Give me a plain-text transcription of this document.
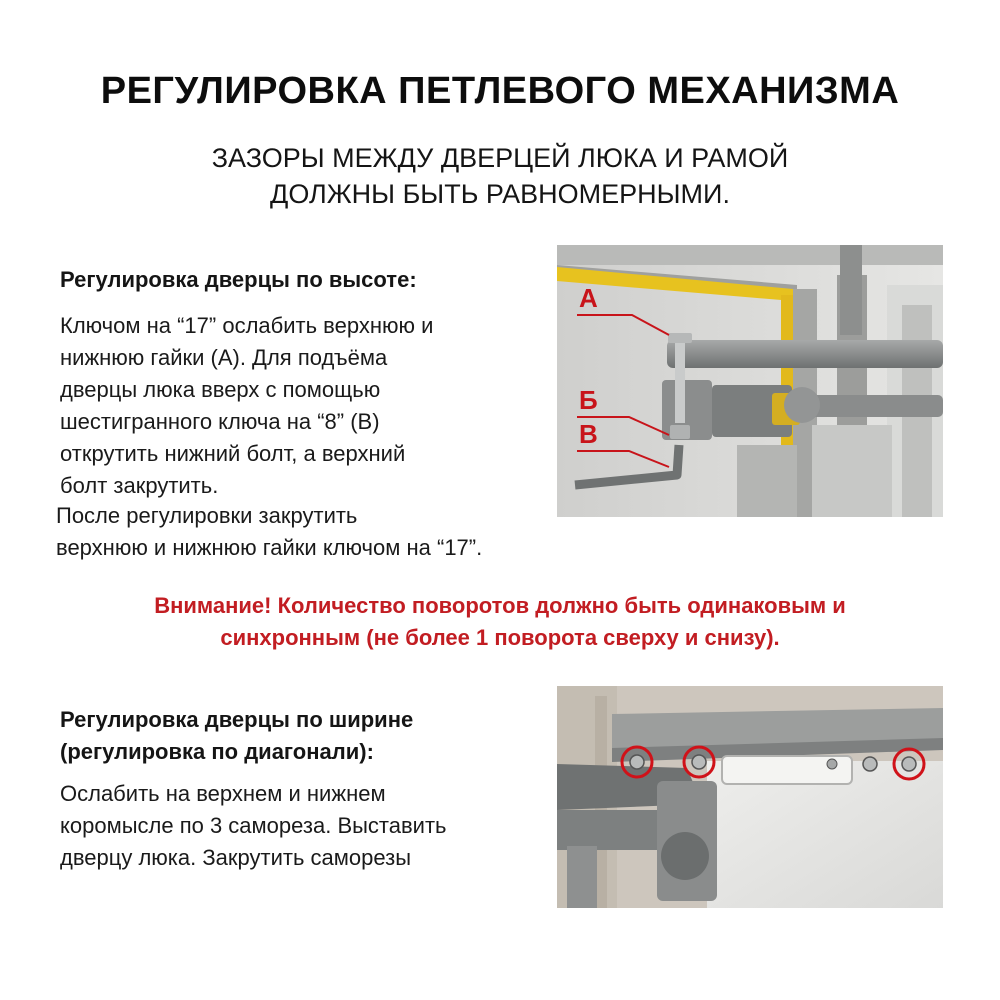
РЕГУЛИРОВКА ПЕТЛЕВОГО МЕХАНИЗМА
ЗАЗОРЫ МЕЖДУ ДВЕРЦЕЙ ЛЮКА И РАМОЙ
ДОЛЖНЫ БЫТЬ РАВНОМЕРНЫМИ.
Регулировка дверцы по высоте:
Ключом на “17” ослабить верхнюю и
нижнюю гайки (А). Для подъёма
дверцы люка вверх с помощью
шестигранного ключа на “8” (В)
открутить нижний болт, а верхний
болт закрутить.
После регулировки закрутить
верхнюю и нижнюю гайки ключом на “17”.
А
Б
В
Внимание! Количество поворотов должно быть одинаковым и
синхронным (не более 1 поворота сверху и снизу).
Регулировка дверцы по ширине
(регулировка по диагонали):
Ослабить на верхнем и нижнем
коромысле по 3 самореза. Выставить
дверцу люка. Закрутить саморезы
